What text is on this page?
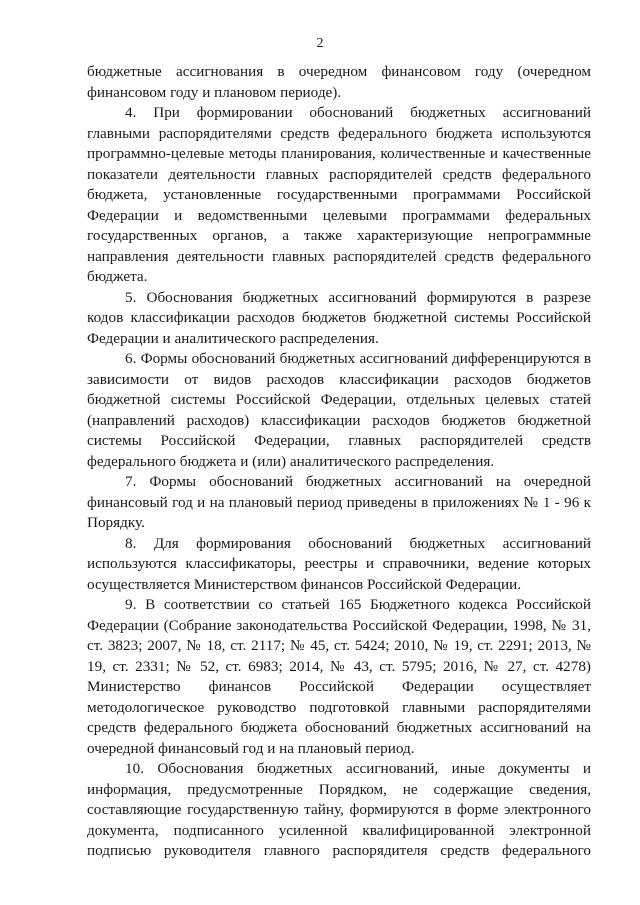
2

бюджетные ассигнования в очередном финансовом году (очередном финансовом году и плановом периоде).

4. При формировании обоснований бюджетных ассигнований главными распорядителями средств федерального бюджета используются программно-целевые методы планирования, количественные и качественные показатели деятельности главных распорядителей средств федерального бюджета, установленные государственными программами Российской Федерации и ведомственными целевыми программами федеральных государственных органов, а также характеризующие непрограммные направления деятельности главных распорядителей средств федерального бюджета.

5. Обоснования бюджетных ассигнований формируются в разрезе кодов классификации расходов бюджетов бюджетной системы Российской Федерации и аналитического распределения.

6. Формы обоснований бюджетных ассигнований дифференцируются в зависимости от видов расходов классификации расходов бюджетов бюджетной системы Российской Федерации, отдельных целевых статей (направлений расходов) классификации расходов бюджетов бюджетной системы Российской Федерации, главных распорядителей средств федерального бюджета и (или) аналитического распределения.

7. Формы обоснований бюджетных ассигнований на очередной финансовый год и на плановый период приведены в приложениях № 1 - 96 к Порядку.

8. Для формирования обоснований бюджетных ассигнований используются классификаторы, реестры и справочники, ведение которых осуществляется Министерством финансов Российской Федерации.

9. В соответствии со статьей 165 Бюджетного кодекса Российской Федерации (Собрание законодательства Российской Федерации, 1998, № 31, ст. 3823; 2007, № 18, ст. 2117; № 45, ст. 5424; 2010, № 19, ст. 2291; 2013, № 19, ст. 2331; № 52, ст. 6983; 2014, № 43, ст. 5795; 2016, № 27, ст. 4278) Министерство финансов Российской Федерации осуществляет методологическое руководство подготовкой главными распорядителями средств федерального бюджета обоснований бюджетных ассигнований на очередной финансовый год и на плановый период.

10. Обоснования бюджетных ассигнований, иные документы и информация, предусмотренные Порядком, не содержащие сведения, составляющие государственную тайну, формируются в форме электронного документа, подписанного усиленной квалифицированной электронной подписью руководителя главного распорядителя средств федерального
